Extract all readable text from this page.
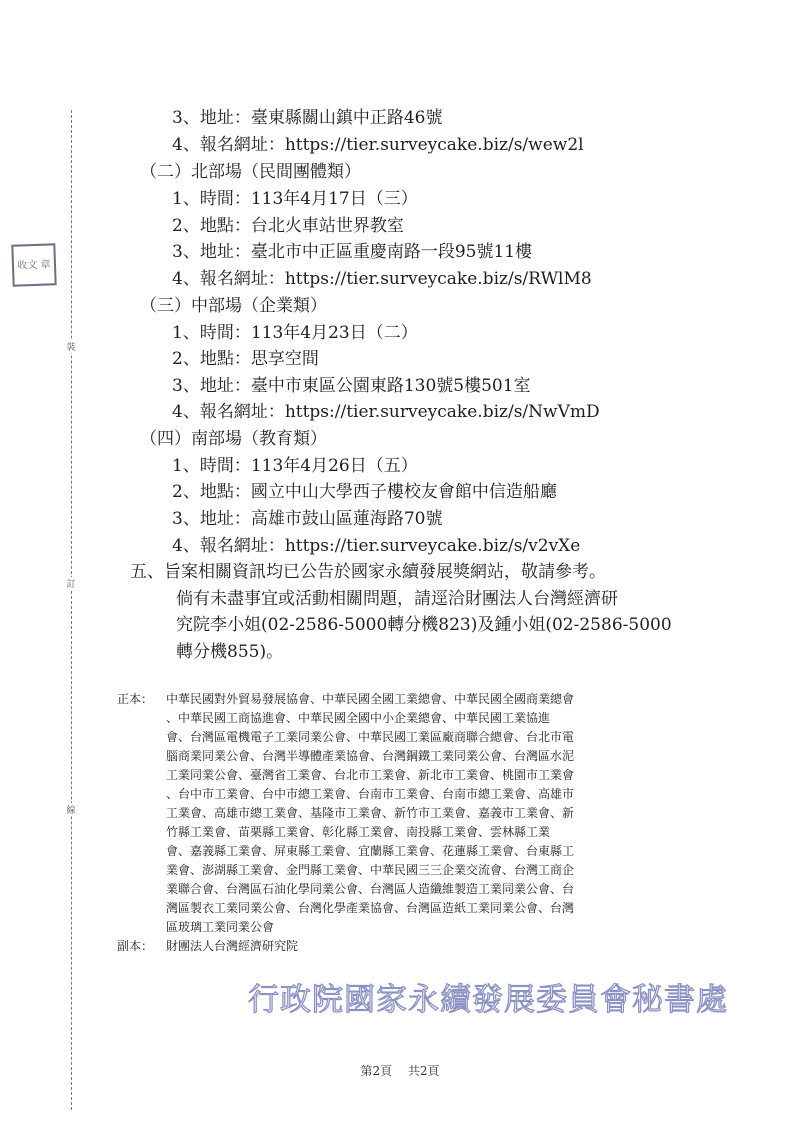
裝
訂
線
收文 章
3、地址：臺東縣關山鎮中正路46號
4、報名網址：https://tier.surveycake.biz/s/wew2l
（二）北部場（民間團體類）
1、時間：113年4月17日（三）
2、地點：台北火車站世界教室
3、地址：臺北市中正區重慶南路一段95號11樓
4、報名網址：https://tier.surveycake.biz/s/RWlM8
（三）中部場（企業類）
1、時間：113年4月23日（二）
2、地點：思享空間
3、地址：臺中市東區公園東路130號5樓501室
4、報名網址：https://tier.surveycake.biz/s/NwVmD
（四）南部場（教育類）
1、時間：113年4月26日（五）
2、地點：國立中山大學西子樓校友會館中信造船廳
3、地址：高雄市鼓山區蓮海路70號
4、報名網址：https://tier.surveycake.biz/s/v2vXe
五、旨案相關資訊均已公告於國家永續發展獎網站，敬請參考。
倘有未盡事宜或活動相關問題，請逕洽財團法人台灣經濟研
究院李小姐(02-2586-5000轉分機823)及鍾小姐(02-2586-5000
轉分機855)。
正本： 中華民國對外貿易發展協會、中華民國全國工業總會、中華民國全國商業總會
、中華民國工商協進會、中華民國全國中小企業總會、中華民國工業協進
會、台灣區電機電子工業同業公會、中華民國工業區廠商聯合總會、台北市電
腦商業同業公會、台灣半導體產業協會、台灣鋼鐵工業同業公會、台灣區水泥
工業同業公會、臺灣省工業會、台北市工業會、新北市工業會、桃園市工業會
、台中市工業會、台中市總工業會、台南市工業會、台南市總工業會、高雄市
工業會、高雄市總工業會、基隆市工業會、新竹市工業會、嘉義市工業會、新
竹縣工業會、苗栗縣工業會、彰化縣工業會、南投縣工業會、雲林縣工業
會、嘉義縣工業會、屏東縣工業會、宜蘭縣工業會、花蓮縣工業會、台東縣工
業會、澎湖縣工業會、金門縣工業會、中華民國三三企業交流會、台灣工商企
業聯合會、台灣區石油化學同業公會、台灣區人造纖維製造工業同業公會、台
灣區製衣工業同業公會、台灣化學產業協會、台灣區造紙工業同業公會、台灣
區玻璃工業同業公會
副本： 財團法人台灣經濟研究院
行政院國家永續發展委員會秘書處
第2頁 共2頁
